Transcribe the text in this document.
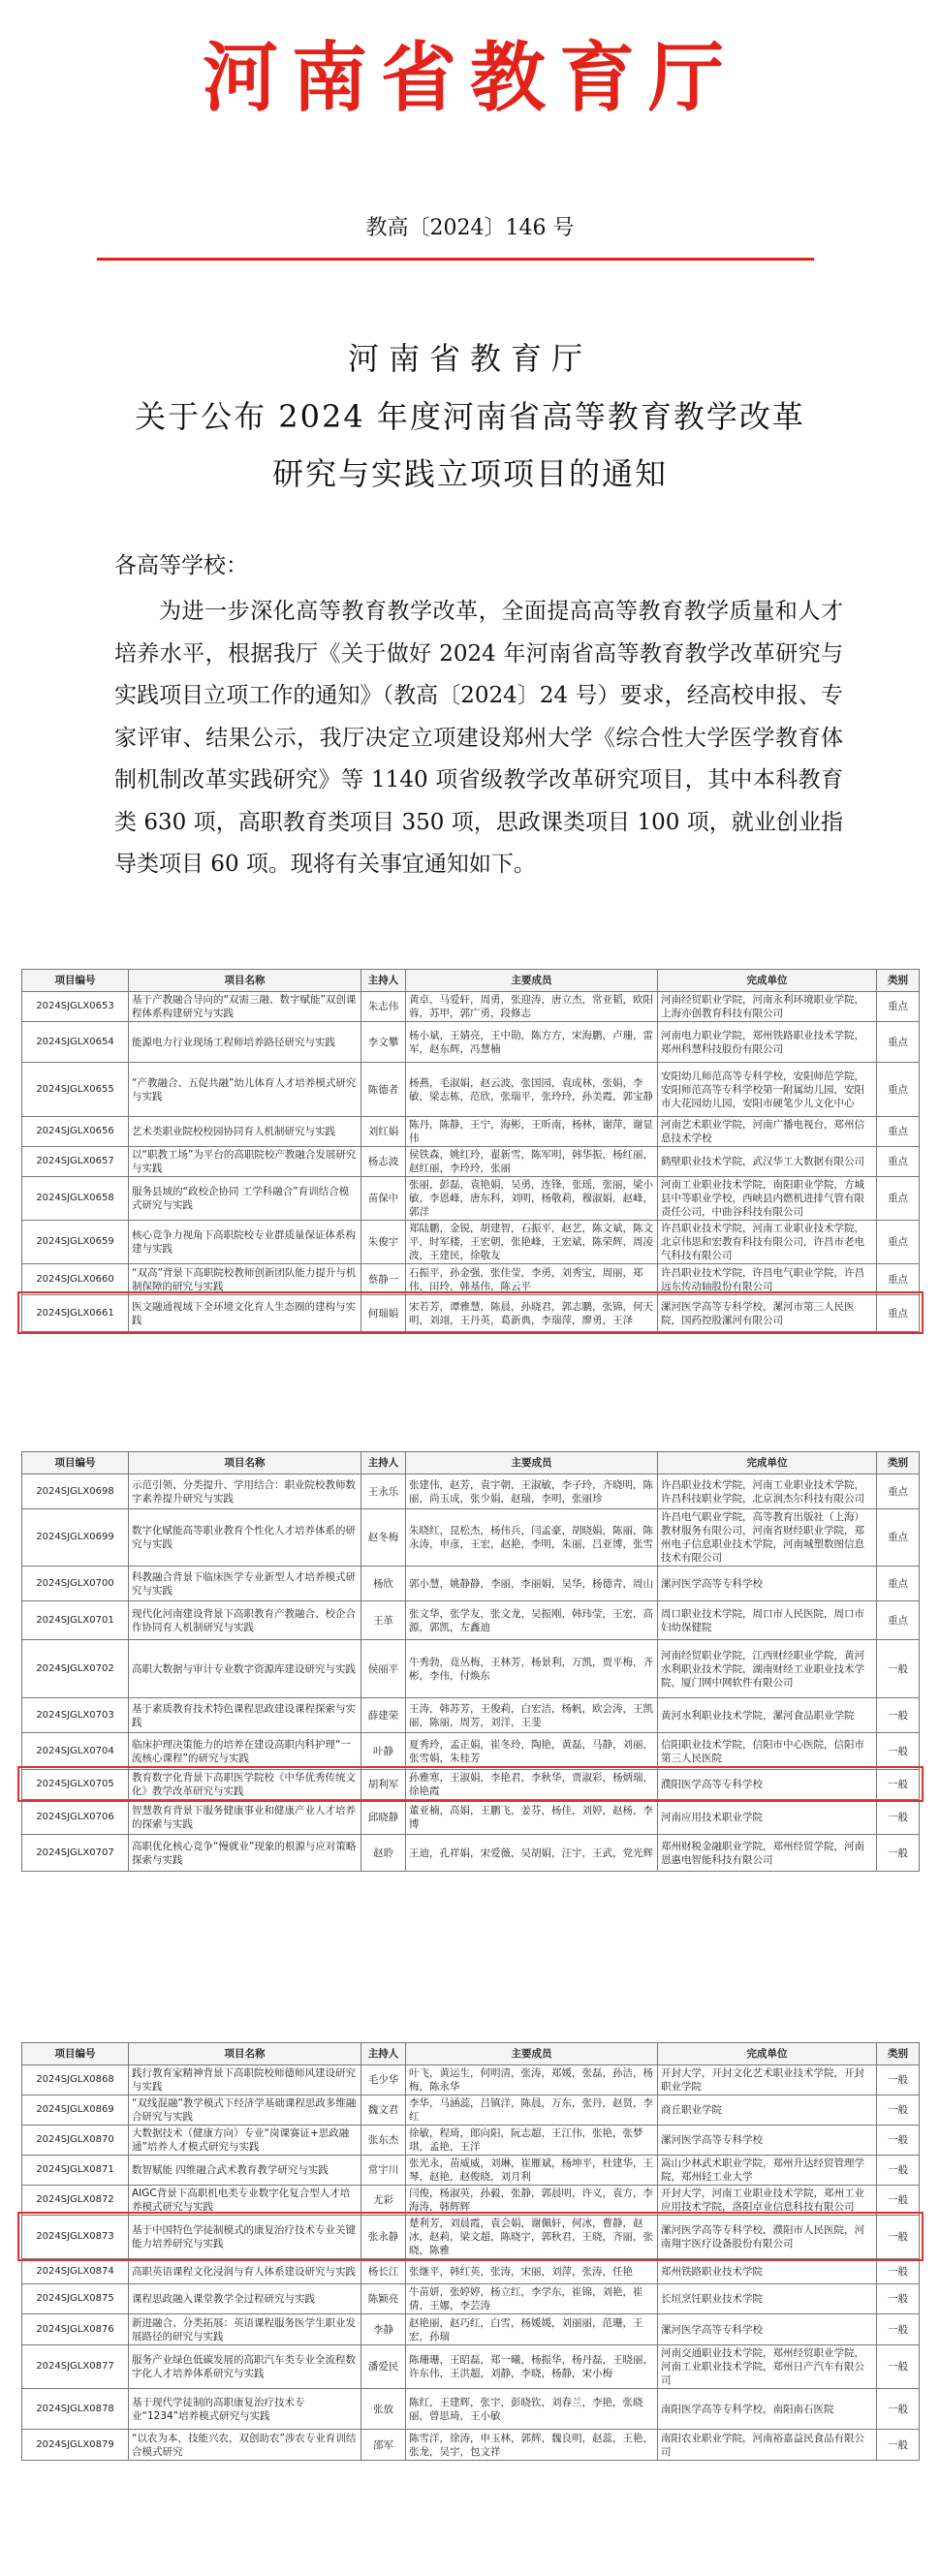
河南省教育厅
教高〔2024〕146 号
河南省教育厅
关于公布 2024 年度河南省高等教育教学改革
研究与实践立项项目的通知
各高等学校：
为进一步深化高等教育教学改革，全面提高高等教育教学质量和人才培养水平，根据我厅《关于做好 2024 年河南省高等教育教学改革研究与实践项目立项工作的通知》（教高〔2024〕24 号）要求，经高校申报、专家评审、结果公示，我厅决定立项建设郑州大学《综合性大学医学教育体制机制改革实践研究》等 1140 项省级教学改革研究项目，其中本科教育类 630 项，高职教育类项目 350 项，思政课类项目 100 项，就业创业指导类项目 60 项。现将有关事宜通知如下。
项目编号	项目名称	主持人	主要成员	完成单位	类别
2024SJGLX0653	基于产教融合导向的“双需三融、数字赋能”双创课程体系构建研究与实践	朱志伟	黄卓，马爱轩，周勇，张迎涛，唐立杰，常亚韬，欧阳蓉，苏甲，郭广勇，段修志	河南经贸职业学院，河南永利环境职业学院，上海亦创教育科技有限公司	重点
2024SJGLX0654	能源电力行业现场工程师培养路径研究与实践	李文攀	杨小斌，王婧亮，王中勋，陈方方，宋海鹏，卢珊，雷军，赵东辉，冯慧楠	河南电力职业学院，郑州铁路职业技术学院，郑州科慧科技股份有限公司	重点
2024SJGLX0655	“产教融合、五促共融”幼儿体育人才培养模式研究与实践	陈德者	杨燕，毛淑娟，赵云波，张国园，袁成林，张娟，李敏，梁志栋，范欣，张瑞平，张玲玲，孙美霞，郭宝静	安阳幼儿师范高等专科学校，安阳师范学院，安阳师范高等专科学校第一附属幼儿园，安阳市大花园幼儿园，安阳市硬笔少儿文化中心	重点
2024SJGLX0656	艺术类职业院校校园协同育人机制研究与实践	刘红娟	陈丹，陈静，王宁，海彬，王昕南，杨林，谢萍，谢显伟	河南艺术职业学院，河南广播电视台，郑州信息技术学校	重点
2024SJGLX0657	以“职教工场”为平台的高职院校产教融合发展研究与实践	杨志波	侯铁森，姚红玲，翟新雪，陈军明，韩华振，杨红丽，赵红丽，李玲玲，张丽	鹤壁职业技术学院，武汉华工大数据有限公司	重点
2024SJGLX0658	服务县域的“政校企协同 工学科融合”育训结合模式研究与实践	苗保中	张丽，彭磊，袁艳娟，吴勇，连锋，张瑶，张丽，梁小敏，李恩峰，唐东科，刘明，杨敬莉，穆淑娟，赵峰，郭洋	河南工业职业技术学院，南阳职业学院，方城县中等职业学校，西峡县内燃机进排气管有限责任公司，中曲谷科技有限公司	重点
2024SJGLX0659	核心竞争力视角下高职院校专业群质量保证体系构建与实践	朱俊宇	郑陆鹏，金锐，胡建智，石振平，赵艺，陈文斌，陈文平，时军楼，王宏朝，张艳峰，王宏斌，陈荣辉，周凌波，王建民，徐敬友	许昌职业技术学院，河南工业职业技术学院，北京伟思和宏教育科技有限公司，许昌市老电气科技有限公司	重点
2024SJGLX0660	“双高”背景下高职院校教师创新团队能力提升与机制保障的研究与实践	蔡静一	石振平，孙金强，张佳莹，李勇，刘秀宝，周丽，郑伟，田玲，韩基伟，陈云平	许昌职业技术学院，许昌电气职业学院，许昌远东传动轴股份有限公司	重点
2024SJGLX0661	医文融通视域下全环境文化育人生态圈的建构与实践	何瑞娟	宋若芳，谭雅慧，陈晨，孙晓君，郭志鹏，张锦，何天明，刘翊，王丹英，葛新典，李瑞萍，廖勇，王泽	漯河医学高等专科学校，漯河市第三人民医院，国药控股漯河有限公司	重点
项目编号	项目名称	主持人	主要成员	完成单位	类别
2024SJGLX0698	示范引领、分类提升、学用结合：职业院校教师数字素养提升研究与实践	王永乐	张建伟，赵芳，袁宇朝，王淑敏，李子玲，齐晓明，陈丽，尚玉成，张少娟，赵瑞，李明，张丽珍	许昌职业技术学院，河南工业职业技术学院，许昌科技职业学院，北京润杰尔科技有限公司	重点
2024SJGLX0699	数字化赋能高等职业教育个性化人才培养体系的研究与实践	赵冬梅	朱晓红，昆松杰，杨伟兵，闫孟豪，胡晓娟，陈丽，陈永涛，申彦，王宏，赵艳，李明，朱丽，吕亚博，张雪	许昌电气职业学院，高等教育出版社（上海）教材服务有限公司，河南省财经职业学院，郑州电子信息职业技术学院，河南城塑数图信息技术有限公司	重点
2024SJGLX0700	科教融合背景下临床医学专业新型人才培养模式研究与实践	杨欣	郭小慧，姚静静，李丽，李丽娟，吴华，杨德青，周山	漯河医学高等专科学校	重点
2024SJGLX0701	现代化河南建设背景下高职教育产教融合、校企合作协同育人机制研究与实践	王革	张文华，张学友，张文龙，吴振刚，韩玮莹，王宏，高源，郭凯，左鑫迪	周口职业技术学院，周口市人民医院，周口市妇幼保健院	重点
2024SJGLX0702	高职大数据与审计专业数字资源库建设研究与实践	侯丽平	牛秀勃，竟丛梅，王林芳，杨景利，万凯，贾平梅，齐彬，李伟，付焕东	河南经贸职业学院，江西财经职业学院，黄河水利职业技术学院，湖南财经工业职业技术学院，厦门网中网软件有限公司	一般
2024SJGLX0703	基于素质教育技术特色课程思政建设课程探索与实践	薛建荣	王涛，韩苏芳，王俊莉，白宏洁，杨帆，欧会涛，王凯丽，陈丽，周芳，刘洋，王斐	黄河水利职业技术学院，漯河食品职业学院	一般
2024SJGLX0704	临床护理决策能力的培养在建设高职内科护理“一流核心课程”的研究与实践	叶静	夏秀玲，孟正娟，崔冬玲，陶艳，黄磊，马静，刘丽，张雪娟，朱桂芳	信阳职业技术学院，信阳市中心医院，信阳市第三人民医院	一般
2024SJGLX0705	教育数字化背景下高职医学院校《中华优秀传统文化》教学改革研究与实践	胡利军	孙雅寒，王淑娟，李艳君，李秋华，贾淑彩，杨炳瑞，徐艳霞	濮阳医学高等专科学校	一般
2024SJGLX0706	智慧教育背景下服务健康事业和健康产业人才培养的探索与实践	邱晓静	董亚楠，高娟，王鹏飞，姜芬，杨佳，刘婷，赵杨，李博	河南应用技术职业学院	一般
2024SJGLX0707	高职优化核心竞争“慢就业”现象的根源与应对策略探索与实践	赵聆	王迪，孔祥娟，宋爱薇，吴胡娟，汪宇，王武，党光辉	郑州财税金融职业学院，郑州经贸学院，河南恩惠电智能科技有限公司	一般
项目编号	项目名称	主持人	主要成员	完成单位	类别
2024SJGLX0868	践行教育家精神背景下高职院校师德师风建设研究与实践	毛少华	叶飞，黄运生，何明清，张涛，郑媛，张磊，孙洁，杨梅，陈永华	开封大学，开封文化艺术职业技术学院，开封职业学院	一般
2024SJGLX0869	“双线混融”教学模式下经济学基础课程思政多维融合研究与实践	魏文君	李华，马涵蕊，吕镇洋，陈晨，万东，张丹，赵贤，李红	商丘职业学院	一般
2024SJGLX0870	大数据技术（健康方向）专业“岗课赛证+思政融通”培养人才模式研究与实践	张东杰	徐敏，程琦，郎向阳，阮志超，王江伟，张艳，张梦琪，孟艳，王洋	漯河医学高等专科学校	一般
2024SJGLX0871	数智赋能 四维融合武术教育教学研究与实践	常宇川	张光永，苗威威，刘琳，崔雁斌，杨坤平，杜建华，王琴，赵艳，赵俊晓，刘月利	嵩山少林武术职业学院，郑州升达经贸管理学院，郑州轻工业大学	一般
2024SJGLX0872	AIGC背景下高职机电类专业数字化复合型人才培养模式研究与实践	尤彩	闫俊，杨淑英，孙毅，张静，郭晨明，许义，袁方，李海涛，韩辉辉	开封大学，河南工业职业技术学院，郑州工业应用技术学院，洛阳卓业信息科技有限公司	一般
2024SJGLX0873	基于中国特色学徒制模式的康复治疗技术专业关键能力培养研究与实践	张永静	楚利芳，刘晨霞，袁会娟，谢佩轩，何冰，曹静，赵冰，赵莉，梁文超，陈晓宇，郭秋君，王晓，齐丽，张晓，陈雅	漯河医学高等专科学校，濮阳市人民医院，河南翔宇医疗设备股份有限公司	一般
2024SJGLX0874	高职英语课程文化浸润与育人体系建设研究与实践	杨长江	张继平，韩红英，张涛，宋丽，刘萍，张涛，任艳	郑州铁路职业技术学院	一般
2024SJGLX0875	课程思政融入课堂教学全过程研究与实践	陈颖亮	牛苗妍，张婷婷，杨立红，李学东，崔锦，刘艳，崔倩，王娜，李芸涛	长垣烹饪职业技术学院	一般
2024SJGLX0876	新进融合、分类拓展：英语课程服务医学生职业发展路径的研究与实践	李静	赵艳丽，赵巧红，白雪，杨媛媛，刘丽丽，范珊，王宏，孙瑞	漯河医学高等专科学校	一般
2024SJGLX0877	服务产业绿色低碳发展的高职汽车类专业全流程数字化人才培养体系研究与实践	潘爱民	陈珊珊，王昭磊，郑一曦，杨振华，杨丹磊，王晓丽，许东伟，王洪超，刘静，李晓，杨静，宋小梅	河南交通职业技术学院，郑州经贸职业学院，河南工业职业技术学院，郑州日产汽车有限公司	一般
2024SJGLX0878	基于现代学徒制的高职康复治疗技术专业“1234”培养模式研究与实践	张放	陈红，王建辉，张宇，彭晓钦，刘春兰，李艳，张晓丽，曾思琦，王小敏	南阳医学高等专科学校，南阳南石医院	一般
2024SJGLX0879	“以农为本，技能兴农，双创助农”涉农专业育训结合模式研究	邵军	陈雪洋，徐涛，申玉林，郭辉，魏良明，赵蕊，王艳，张龙，吴宇，包文祥	南阳农业职业学院，河南裕嘉益民食品有限公司	一般
